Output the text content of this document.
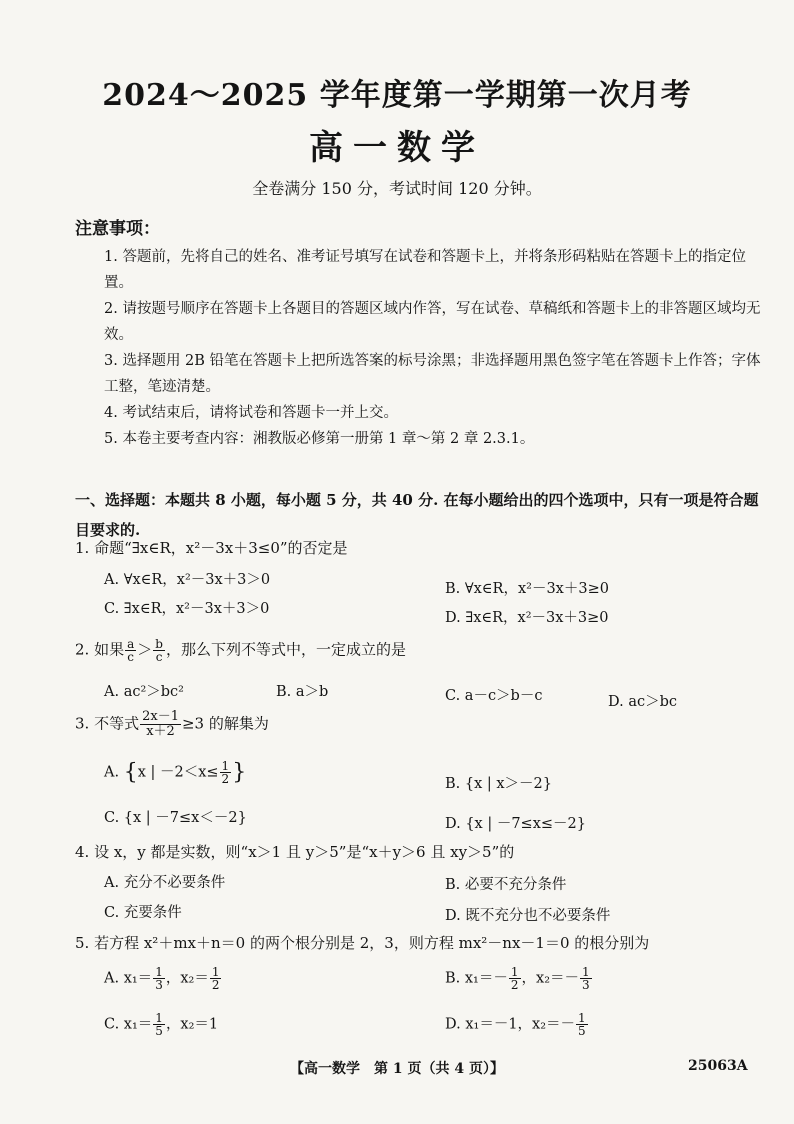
2024～2025 学年度第一学期第一次月考
高一数学
全卷满分 150 分，考试时间 120 分钟。
注意事项：

1. 答题前，先将自己的姓名、准考证号填写在试卷和答题卡上，并将条形码粘贴在答题卡上的指定位置。

2. 请按题号顺序在答题卡上各题目的答题区域内作答，写在试卷、草稿纸和答题卡上的非答题区域均无效。

3. 选择题用 2B 铅笔在答题卡上把所选答案的标号涂黑；非选择题用黑色签字笔在答题卡上作答；字体工整，笔迹清楚。

4. 考试结束后，请将试卷和答题卡一并上交。

5. 本卷主要考查内容：湘教版必修第一册第 1 章～第 2 章 2.3.1。

一、选择题：本题共 8 小题，每小题 5 分，共 40 分. 在每小题给出的四个选项中，只有一项是符合题目要求的.
1. 命题“∃x∈R，x²－3x＋3≤0”的否定是
A. ∀x∈R，x²－3x＋3＞0
B. ∀x∈R，x²－3x＋3≥0
C. ∃x∈R，x²－3x＋3＞0
D. ∃x∈R，x²－3x＋3≥0
2. 如果 $\frac{a}{c} > \frac{b}{c}$ ，那么下列不等式中，一定成立的是
A. ac²＞bc²	B. a＞b	C. a－c＞b－c	D. ac＞bc
3. 不等式 $\frac{2x-1}{x+2} \ge 3$ 的解集为
A. {x | $-2<x\le \frac{1}{2}$ }	B. {x | x＞－2}
C. {x | －7≤x＜－2}	D. {x | －7≤x≤－2}
4. 设 x，y 都是实数，则“x＞1 且 y＞5”是“x＋y＞6 且 xy＞5”的
A. 充分不必要条件	B. 必要不充分条件
C. 充要条件	D. 既不充分也不必要条件
5. 若方程 x²＋mx＋n＝0 的两个根分别是 2，3，则方程 mx²－nx－1＝0 的根分别为
A. $x_1= \frac{1}{3}$ ，$x_2= \frac{1}{2}$	B. $x_1=- \frac{1}{2}$ ，$x_2=- \frac{1}{3}$
C. $x_1= \frac{1}{5}$ ，x₂＝1	D. x₁＝－1，$x_2=- \frac{1}{5}$
【高一数学　第 1 页（共 4 页）】	25063A
